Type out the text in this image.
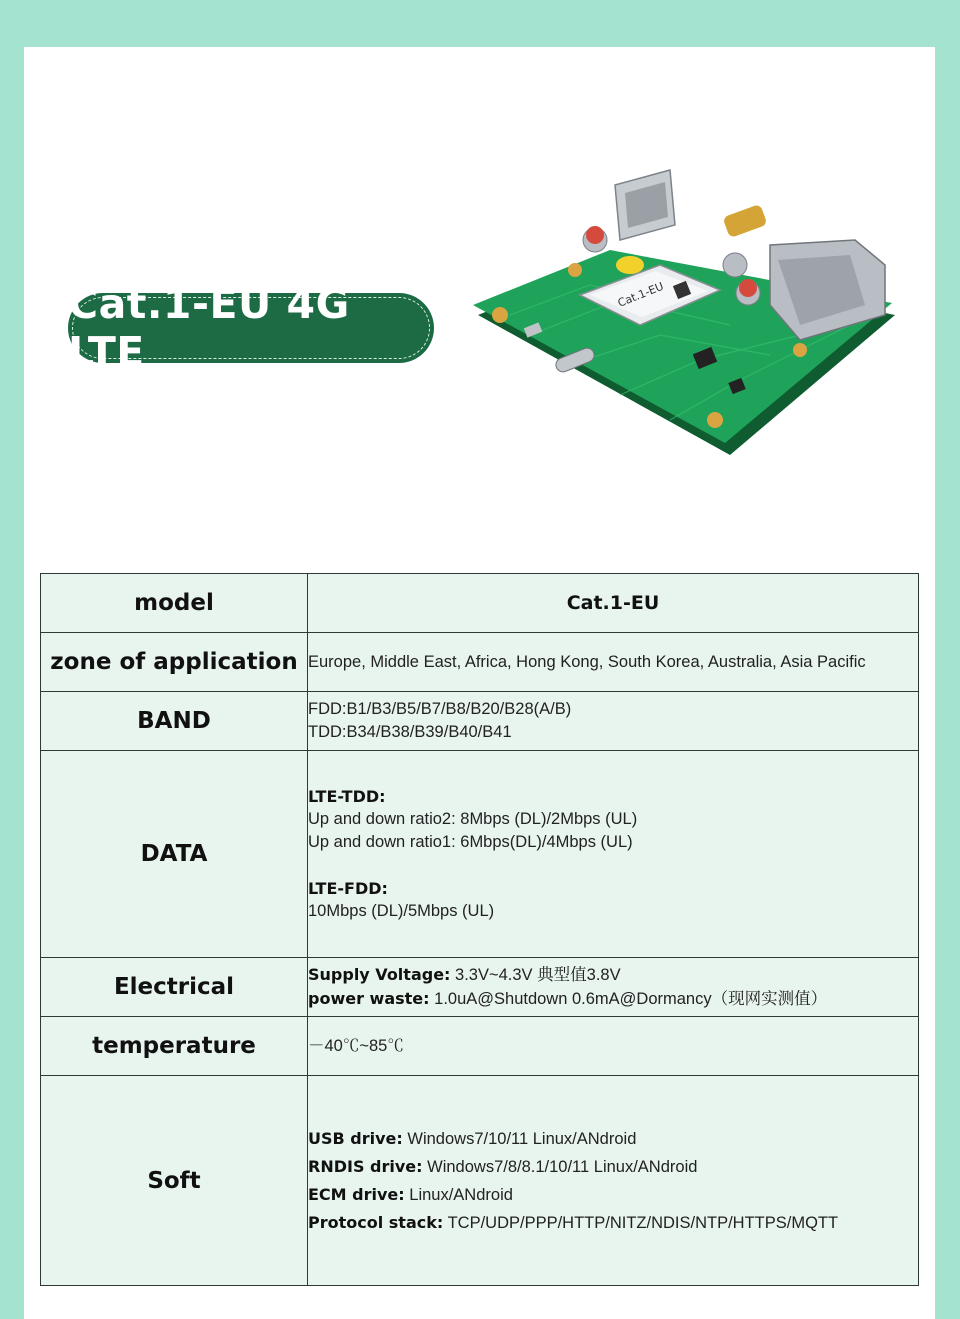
Cat.1-EU 4G LTE
Cat.1-EU
model	Cat.1-EU
zone of application	Europe, Middle East, Africa, Hong Kong, South Korea, Australia, Asia Pacific
BAND	FDD:B1/B3/B5/B7/B8/B20/B28(A/B)
TDD:B34/B38/B39/B40/B41

DATA	LTE-TDD:
Up and down ratio2: 8Mbps (DL)/2Mbps (UL)
Up and down ratio1: 6Mbps(DL)/4Mbps (UL)
LTE-FDD:
10Mbps (DL)/5Mbps (UL)

Electrical	Supply Voltage: 3.3V~4.3V 典型值3.8V
power waste: 1.0uA@Shutdown 0.6mA@Dormancy（现网实测值）

temperature	－40℃~85℃
Soft	USB drive: Windows7/10/11 Linux/ANdroid
RNDIS drive: Windows7/8/8.1/10/11 Linux/ANdroid
ECM drive: Linux/ANdroid
Protocol stack: TCP/UDP/PPP/HTTP/NITZ/NDIS/NTP/HTTPS/MQTT
